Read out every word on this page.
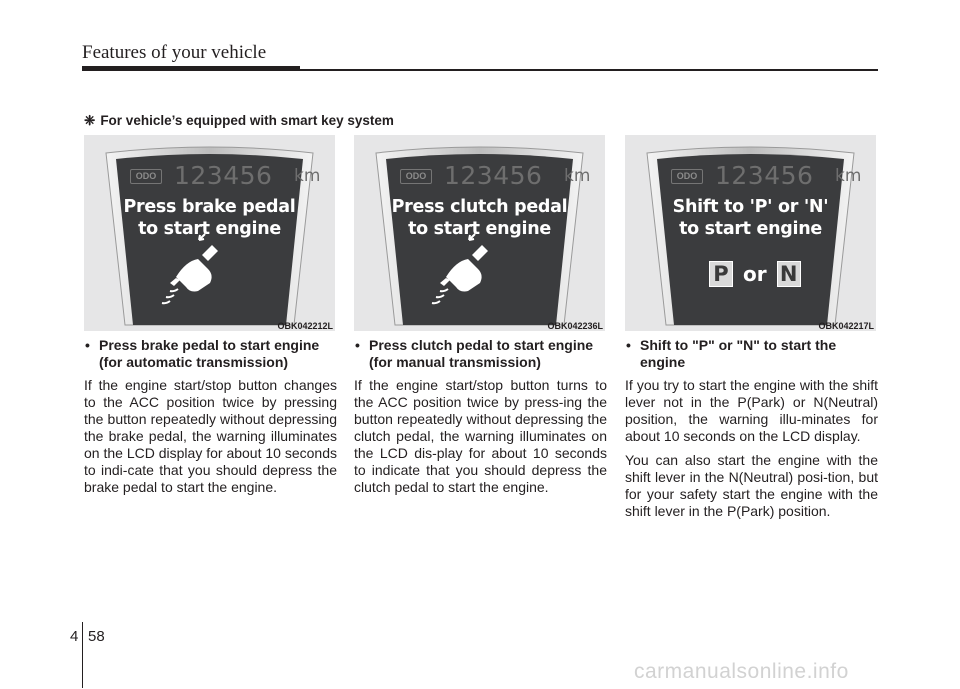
Features of your vehicle
❈ For vehicle’s equipped with smart key system
ODO 123456 km
Press brake pedal
to start engine
OBK042212L
ODO 123456 km
Press clutch pedal
to start engine
OBK042236L
ODO 123456 km
Shift to 'P' or 'N'
to start engine
P or N
OBK042217L
• Press brake pedal to start engine (for automatic transmission)

If the engine start/stop button changes to the ACC position twice by pressing the button repeatedly without depressing the brake pedal, the warning illuminates on the LCD display for about 10 seconds to indi-cate that you should depress the brake pedal to start the engine.

• Press clutch pedal to start engine (for manual transmission)

If the engine start/stop button turns to the ACC position twice by press-ing the button repeatedly without depressing the clutch pedal, the warning illuminates on the LCD dis-play for about 10 seconds to indicate that you should depress the clutch pedal to start the engine.

• Shift to "P" or "N" to start the engine

If you try to start the engine with the shift lever not in the P(Park) or N(Neutral) position, the warning illu-minates for about 10 seconds on the LCD display.

You can also start the engine with the shift lever in the N(Neutral) posi-tion, but for your safety start the engine with the shift lever in the P(Park) position.

4 58
carmanualsonline.info
